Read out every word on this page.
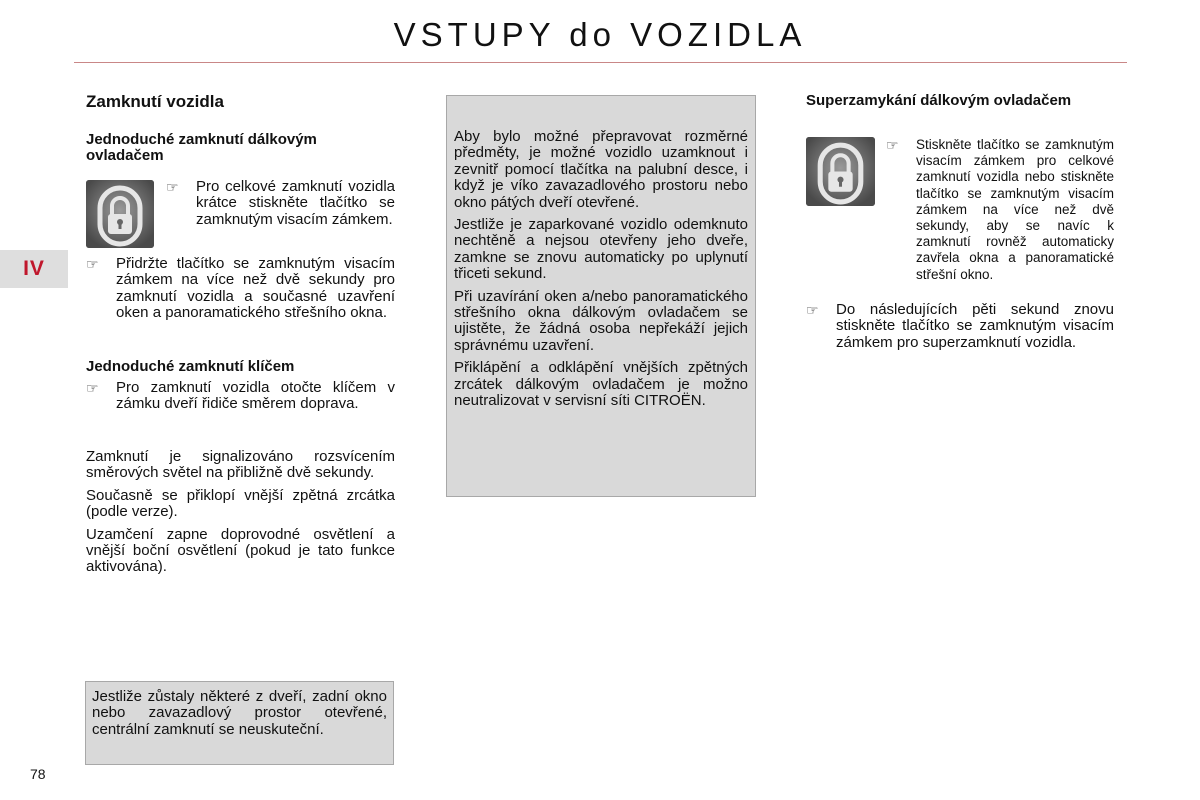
VSTUPY do VOZIDLA
IV
78
Zamknutí vozidla
Jednoduché zamknutí dálkovým ovladačem
☞ Pro celkové zamknutí vozidla krátce stiskněte tlačítko se zamknutým visacím zámkem.
☞ Přidržte tlačítko se zamknutým visacím zámkem na více než dvě sekundy pro zamknutí vozidla a současné uzavření oken a panoramatického střešního okna.
Jednoduché zamknutí klíčem
☞ Pro zamknutí vozidla otočte klíčem v zámku dveří řidiče směrem doprava.

Zamknutí je signalizováno rozsvícením směrových světel na přibližně dvě sekundy.

Současně se přiklopí vnější zpětná zrcátka (podle verze).

Uzamčení zapne doprovodné osvětlení a vnější boční osvětlení (pokud je tato funkce aktivována).

Jestliže zůstaly některé z dveří, zadní okno nebo zavazadlový prostor otevřené, centrální zamknutí se neuskuteční.

Aby bylo možné přepravovat rozměrné předměty, je možné vozidlo uzamknout i zevnitř pomocí tlačítka na palubní desce, i když je víko zavazadlového prostoru nebo okno pátých dveří otevřené.

Jestliže je zaparkované vozidlo odemknuto nechtěně a nejsou otevřeny jeho dveře, zamkne se znovu automaticky po uplynutí třiceti sekund.

Při uzavírání oken a/nebo panoramatického střešního okna dálkovým ovladačem se ujistěte, že žádná osoba nepřekáží jejich správnému uzavření.

Přiklápění a odklápění vnějších zpětných zrcátek dálkovým ovladačem je možno neutralizovat v servisní síti CITROËN.

Superzamykání dálkovým ovladačem
☞ Stiskněte tlačítko se zamknutým visacím zámkem pro celkové zamknutí vozidla nebo stiskněte tlačítko se zamknutým visacím zámkem na více než dvě sekundy, aby se navíc k zamknutí rovněž automaticky zavřela okna a panoramatické střešní okno.
☞ Do následujících pěti sekund znovu stiskněte tlačítko se zamknutým visacím zámkem pro superzamknutí vozidla.
